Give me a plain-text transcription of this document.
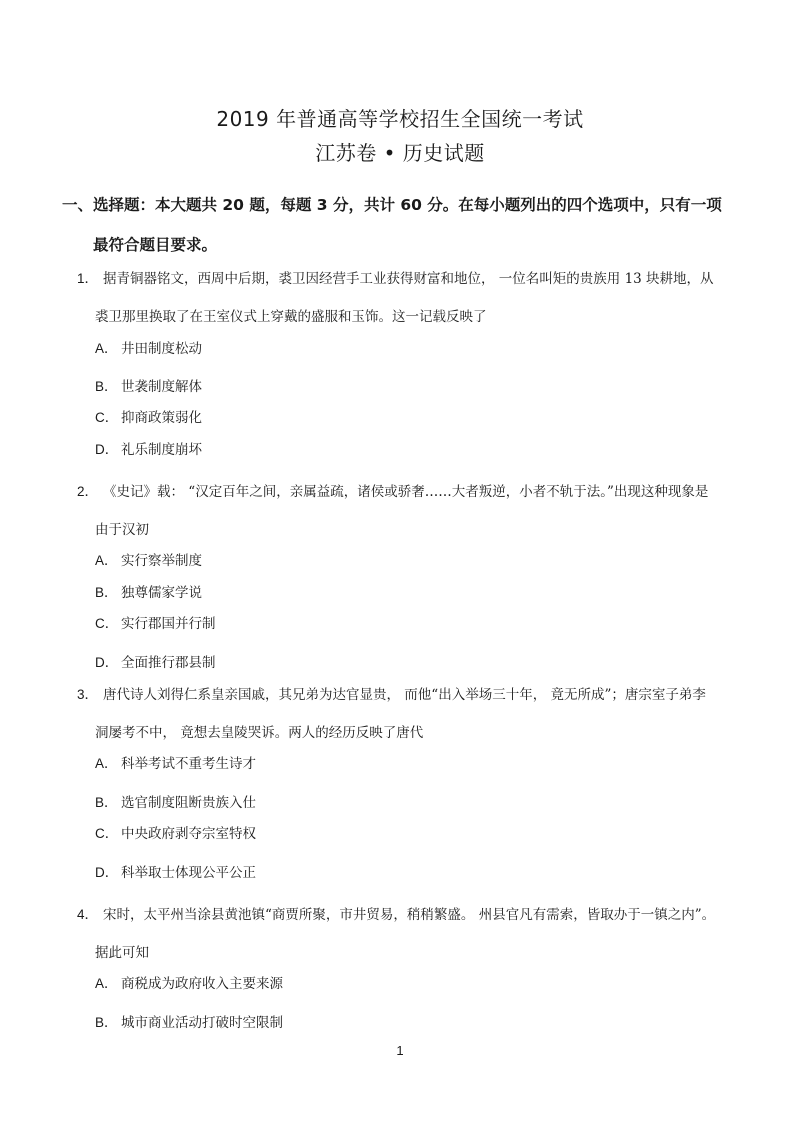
2019 年普通高等学校招生全国统一考试
江苏卷 • 历史试题
一、选择题：本大题共 20 题，每题 3 分，共计 60 分。在每小题列出的四个选项中，只有一项
最符合题目要求。
1． 据青铜器铭文，西周中后期，裘卫因经营手工业获得财富和地位， 一位名叫矩的贵族用 13 块耕地，从
裘卫那里换取了在王室仪式上穿戴的盛服和玉饰。这一记载反映了
A． 井田制度松动
B． 世袭制度解体
C． 抑商政策弱化
D． 礼乐制度崩坏
2． 《史记》载： “汉定百年之间，亲属益疏，诸侯或骄奢……大者叛逆，小者不轨于法。”出现这种现象是
由于汉初
A． 实行察举制度
B． 独尊儒家学说
C． 实行郡国并行制
D． 全面推行郡县制
3． 唐代诗人刘得仁系皇亲国戚，其兄弟为达官显贵， 而他“出入举场三十年， 竟无所成”；唐宗室子弟李
洞屡考不中， 竟想去皇陵哭诉。两人的经历反映了唐代
A． 科举考试不重考生诗才
B． 选官制度阻断贵族入仕
C． 中央政府剥夺宗室特权
D． 科举取士体现公平公正
4． 宋时，太平州当涂县黄池镇“商贾所聚，市井贸易，稍稍繁盛。 州县官凡有需索，皆取办于一镇之内”。
据此可知
A． 商税成为政府收入主要来源
B． 城市商业活动打破时空限制
1
